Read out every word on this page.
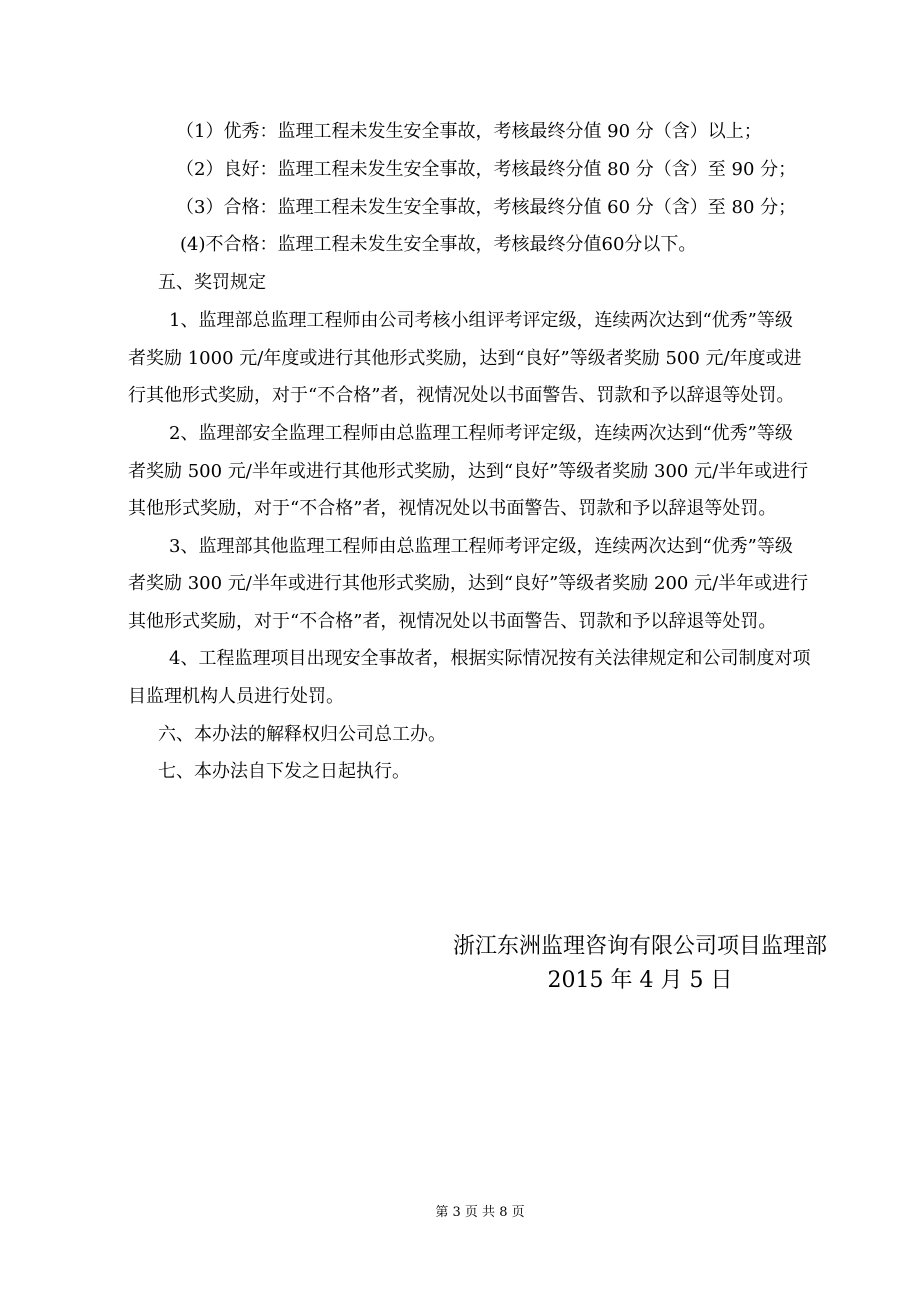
（1）优秀：监理工程未发生安全事故，考核最终分值 90 分（含）以上；

（2）良好：监理工程未发生安全事故，考核最终分值 80 分（含）至 90 分；

（3）合格：监理工程未发生安全事故，考核最终分值 60 分（含）至 80 分；

(4)不合格：监理工程未发生安全事故，考核最终分值60分以下。

五、奖罚规定

1、监理部总监理工程师由公司考核小组评考评定级，连续两次达到“优秀”等级

者奖励 1000 元/年度或进行其他形式奖励，达到“良好”等级者奖励 500 元/年度或进

行其他形式奖励，对于“不合格”者，视情况处以书面警告、罚款和予以辞退等处罚。

2、监理部安全监理工程师由总监理工程师考评定级，连续两次达到“优秀”等级

者奖励 500 元/半年或进行其他形式奖励，达到“良好”等级者奖励 300 元/半年或进行

其他形式奖励，对于“不合格”者，视情况处以书面警告、罚款和予以辞退等处罚。

3、监理部其他监理工程师由总监理工程师考评定级，连续两次达到“优秀”等级

者奖励 300 元/半年或进行其他形式奖励，达到“良好”等级者奖励 200 元/半年或进行

其他形式奖励，对于“不合格”者，视情况处以书面警告、罚款和予以辞退等处罚。

4、工程监理项目出现安全事故者，根据实际情况按有关法律规定和公司制度对项

目监理机构人员进行处罚。

六、本办法的解释权归公司总工办。

七、本办法自下发之日起执行。

浙江东洲监理咨询有限公司项目监理部
2015 年 4 月 5 日
第 3 页 共 8 页
